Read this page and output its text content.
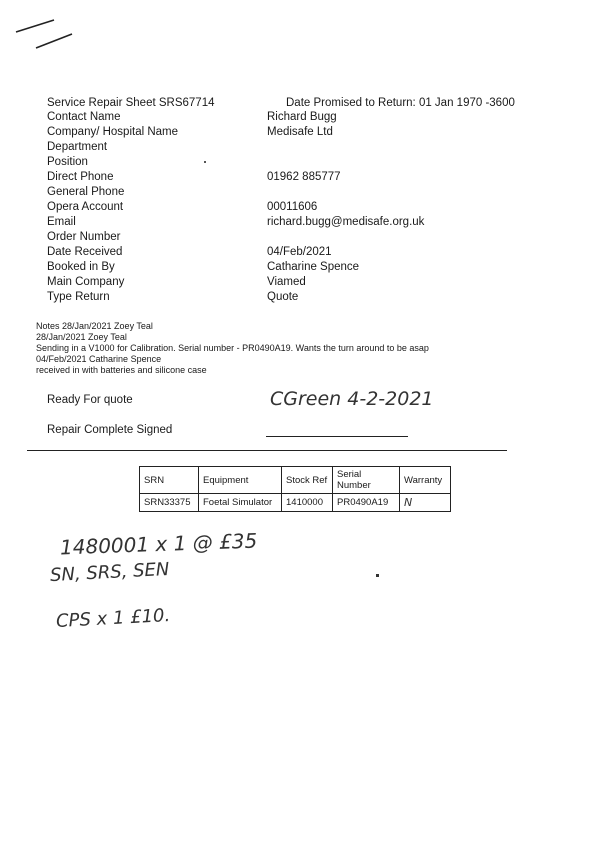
Service Repair Sheet SRS67714	Date Promised to Return: 01 Jan 1970 -3600
Contact Name	Richard Bugg
Company/ Hospital Name	Medisafe Ltd
Department
Position
Direct Phone	01962 885777
General Phone
Opera Account	00011606
Email	richard.bugg@medisafe.org.uk
Order Number
Date Received	04/Feb/2021
Booked in By	Catharine Spence
Main Company	Viamed
Type Return	Quote
Notes 28/Jan/2021 Zoey Teal
28/Jan/2021 Zoey Teal
Sending in a V1000 for Calibration. Serial number - PR0490A19. Wants the turn around to be asap
04/Feb/2021 Catharine Spence
received in with batteries and silicone case
Ready For quote	CGreen 4-2-2021
Repair Complete Signed
SRN	Equipment	Stock Ref	Serial Number	Warranty
SRN33375	Foetal Simulator	1410000	PR0490A19	N
1480001 x 1 @ £35
SN, SRS, SEN
CPS x 1 £10.
